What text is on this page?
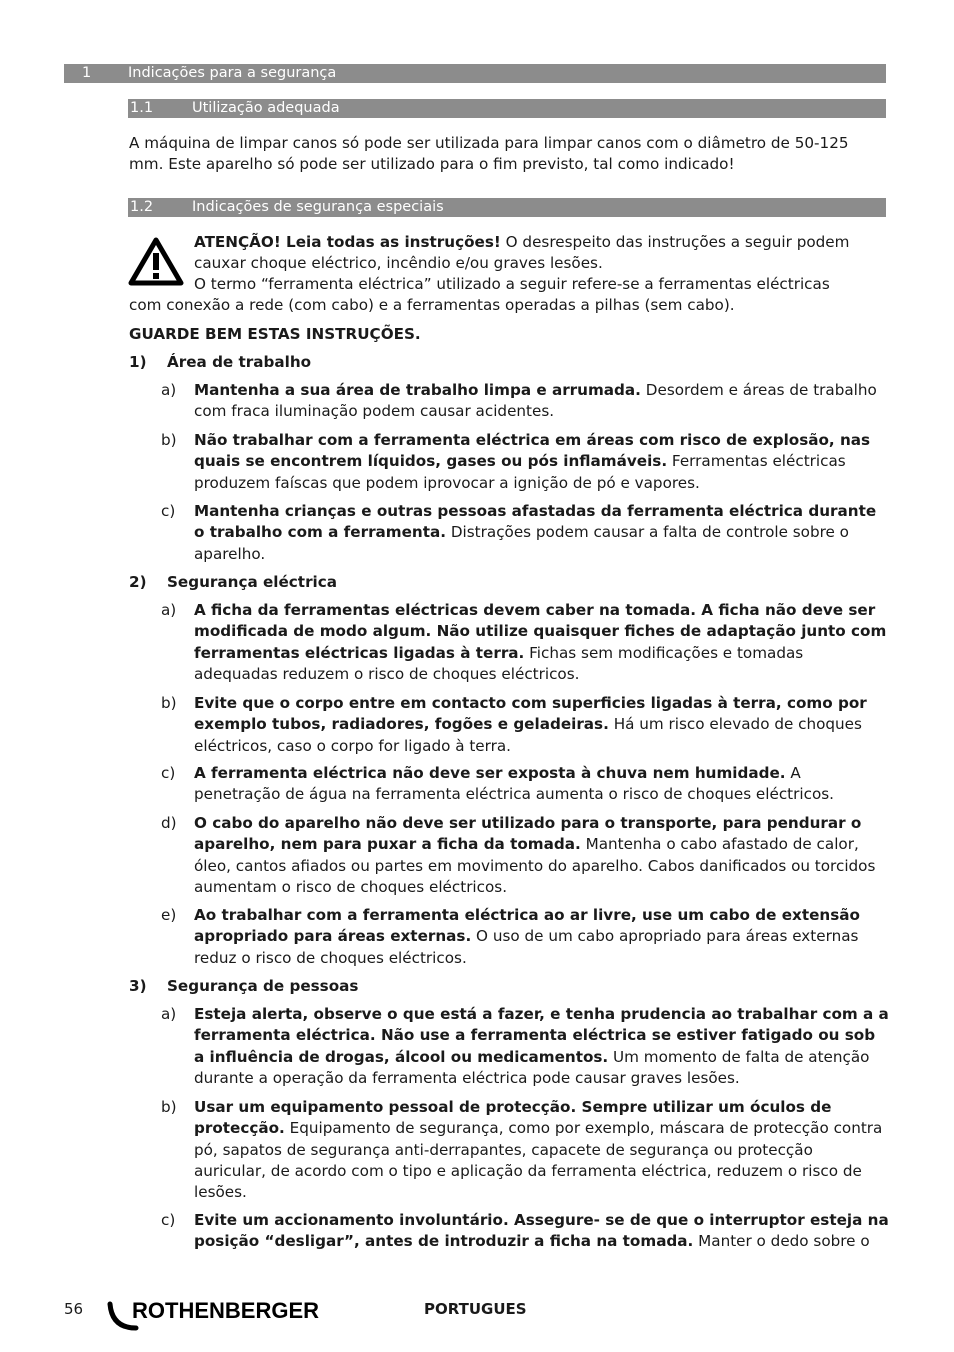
1	Indicações para a segurança
1.1	Utilização adequada
A máquina de limpar canos só pode ser utilizada para limpar canos com o diâmetro de 50-125 mm. Este aparelho só pode ser utilizado para o fim previsto, tal como indicado!
1.2	Indicações de segurança especiais
ATENÇÃO! Leia todas as instruções! O desrespeito das instruções a seguir podem
cauxar choque eléctrico, incêndio e/ou graves lesões.
O termo “ferramenta eléctrica” utilizado a seguir refere-se a ferramentas eléctricas
com conexão a rede (com cabo) e a ferramentas operadas a pilhas (sem cabo).
GUARDE BEM ESTAS INSTRUÇÕES.
1)  Área de trabalho
a) Mantenha a sua área de trabalho limpa e arrumada. Desordem e áreas de trabalho com fraca iluminação podem causar acidentes.
b) Não trabalhar com a ferramenta eléctrica em áreas com risco de explosão, nas quais se encontrem líquidos, gases ou pós inflamáveis. Ferramentas eléctricas produzem faíscas que podem iprovocar a ignição de pó e vapores.
c) Mantenha crianças e outras pessoas afastadas da ferramenta eléctrica durante o trabalho com a ferramenta. Distrações podem causar a falta de controle sobre o aparelho.
2)  Segurança eléctrica
a) A ficha da ferramentas eléctricas devem caber na tomada. A ficha não deve ser modificada de modo algum. Não utilize quaisquer fiches de adaptação junto com ferramentas eléctricas ligadas à terra. Fichas sem modificações e tomadas adequadas reduzem o risco de choques eléctricos.
b) Evite que o corpo entre em contacto com superficies ligadas à terra, como por exemplo tubos, radiadores, fogões e geladeiras. Há um risco elevado de choques eléctricos, caso o corpo for ligado à terra.
c) A ferramenta eléctrica não deve ser exposta à chuva nem humidade. A penetração de água na ferramenta eléctrica aumenta o risco de choques eléctricos.
d) O cabo do aparelho não deve ser utilizado para o transporte, para pendurar o aparelho, nem para puxar a ficha da tomada. Mantenha o cabo afastado de calor, óleo, cantos afiados ou partes em movimento do aparelho. Cabos danificados ou torcidos aumentam o risco de choques eléctricos.
e) Ao trabalhar com a ferramenta eléctrica ao ar livre, use um cabo de extensão apropriado para áreas externas. O uso de um cabo apropriado para áreas externas reduz o risco de choques eléctricos.
3)  Segurança de pessoas
a) Esteja alerta, observe o que está a fazer, e tenha prudencia ao trabalhar com a a ferramenta eléctrica. Não use a ferramenta eléctrica se estiver fatigado ou sob a influência de drogas, álcool ou medicamentos. Um momento de falta de atenção durante a operação da ferramenta eléctrica pode causar graves lesões.
b) Usar um equipamento pessoal de protecção. Sempre utilizar um óculos de protecção. Equipamento de segurança, como por exemplo, máscara de protecção contra pó, sapatos de segurança anti-derrapantes, capacete de segurança ou protecção auricular, de acordo com o tipo e aplicação da ferramenta eléctrica, reduzem o risco de lesões.
c) Evite um accionamento involuntário. Assegure- se de que o interruptor esteja na posição “desligar”, antes de introduzir a ficha na tomada. Manter o dedo sobre o
56 ROTHENBERGER	PORTUGUES
